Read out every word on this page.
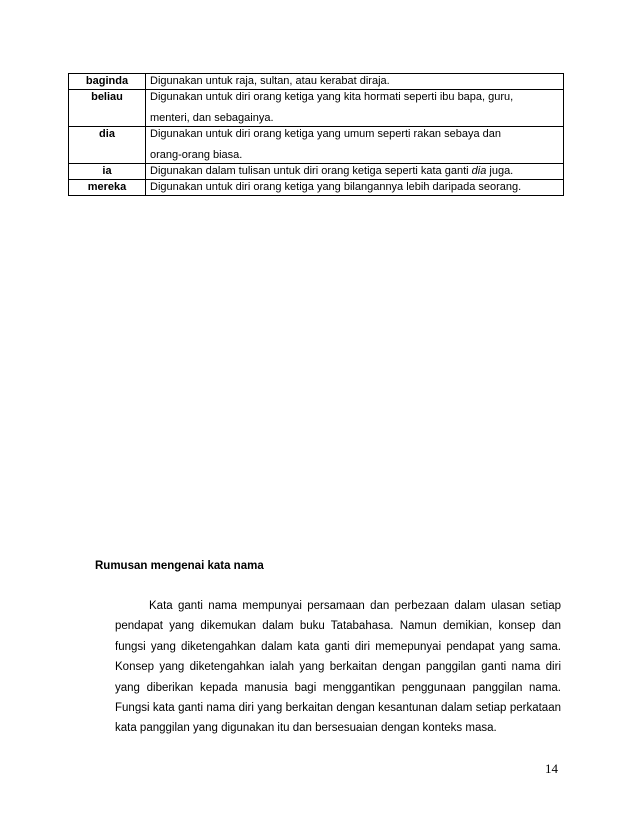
baginda	Digunakan untuk raja, sultan, atau kerabat diraja.
beliau	Digunakan untuk diri orang ketiga yang kita hormati seperti ibu bapa, guru,
menteri, dan sebagainya.

dia	Digunakan untuk diri orang ketiga yang umum seperti rakan sebaya dan
orang-orang biasa.

ia	Digunakan dalam tulisan untuk diri orang ketiga seperti kata ganti dia juga.
mereka	Digunakan untuk diri orang ketiga yang bilangannya lebih daripada seorang.
Rumusan mengenai kata nama
Kata ganti nama mempunyai persamaan dan perbezaan dalam ulasan setiap
pendapat yang dikemukan dalam buku Tatabahasa. Namun demikian, konsep dan
fungsi yang diketengahkan dalam kata ganti diri memepunyai pendapat yang sama.
Konsep yang diketengahkan ialah yang berkaitan dengan panggilan ganti nama diri
yang diberikan kepada manusia bagi menggantikan penggunaan panggilan nama.
Fungsi kata ganti nama diri yang berkaitan dengan kesantunan dalam setiap perkataan
kata panggilan yang digunakan itu dan bersesuaian dengan konteks masa.
14
